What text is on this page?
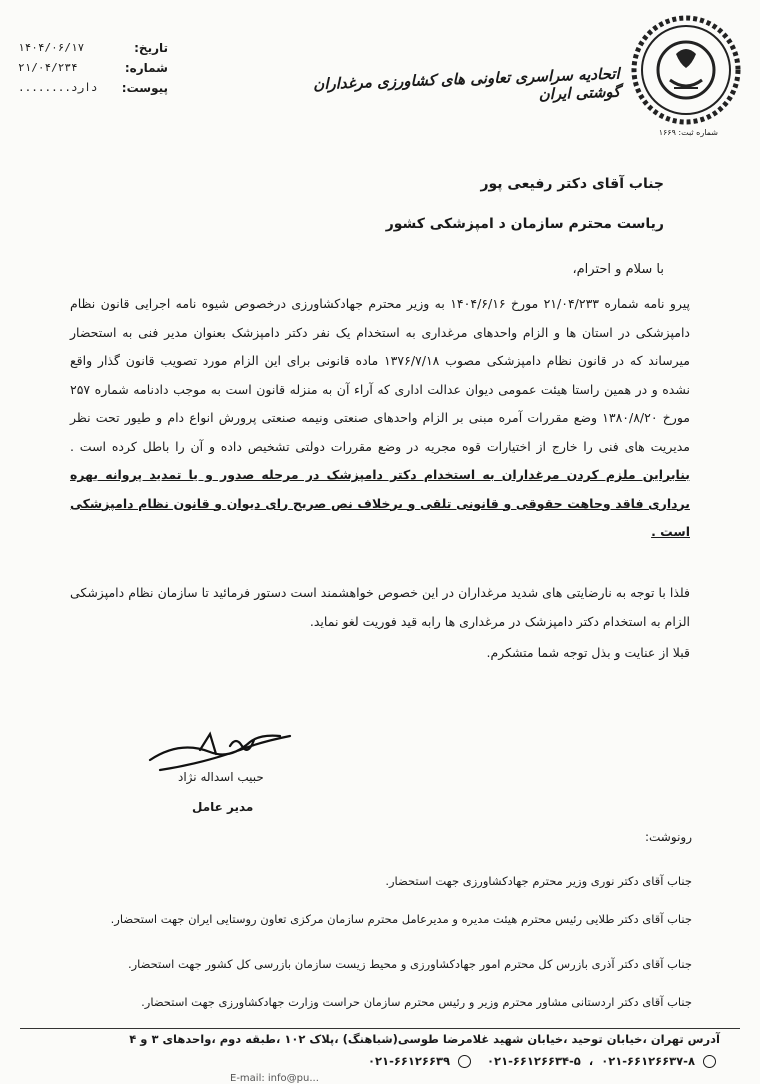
تاریخ:
۱۴۰۴/۰۶/۱۷
شماره:
۲۱/۰۴/۲۳۴
پیوست:
........دارد	اتحادیه سراسری تعاونی های کشاورزی مرغداران گوشتی ایران
شماره ثبت: ۱۶۶۹
جناب آقای دکتر رفیعی پور
ریاست محترم سازمان د امپزشکی کشور
با سلام و احترام،
پیرو نامه شماره ۲۱/۰۴/۲۳۳ مورخ ۱۴۰۴/۶/۱۶ به وزیر محترم جهادکشاورزی درخصوص شیوه نامه اجرایی قانون نظام دامپزشکی در استان ها و الزام واحدهای مرغداری به استخدام یک نفر دکتر دامپزشک بعنوان مدیر فنی به استحضار میرساند که در قانون نظام دامپزشکی مصوب ۱۳۷۶/۷/۱۸ ماده قانونی برای این الزام مورد تصویب قانون گذار واقع نشده و در همین راستا هیئت عمومی دیوان عدالت اداری که آراء آن به منزله قانون است به موجب دادنامه شماره ۲۵۷ مورخ ۱۳۸۰/۸/۲۰ وضع مقررات آمره مبنی بر الزام واحدهای صنعتی ونیمه صنعتی پرورش انواع دام و طیور تحت نظر مدیریت های فنی را خارج از اختیارات قوه مجریه در وضع مقررات دولتی تشخیص داده و آن را باطل کرده است . بنابراین ملزم کردن مرغداران به استخدام دکتر دامپزشک در مرحله صدور و یا تمدید پروانه بهره برداری فاقد وجاهت حقوقی و قانونی تلقی و برخلاف نص صریح رای دیوان و قانون نظام دامپزشکی است .
فلذا با توجه به نارضایتی های شدید مرغداران در این خصوص خواهشمند است دستور فرمائید تا سازمان نظام دامپزشکی الزام به استخدام دکتر دامپزشک در مرغداری ها رابه قید فوریت لغو نماید.
قبلا از عنایت و بذل توجه شما متشکرم.
حبیب اسداله نژاد
مدیر عامل
رونوشت:
جناب آقای دکتر نوری وزیر محترم جهادکشاورزی جهت استحضار.
جناب آقای دکتر طلایی رئیس محترم هیئت مدیره و مدیرعامل محترم سازمان مرکزی تعاون روستایی ایران جهت استحضار.
جناب آقای دکتر آذری بازرس کل محترم امور جهادکشاورزی و محیط زیست سازمان بازرسی کل کشور جهت استحضار.
جناب آقای دکتر اردستانی مشاور محترم وزیر و رئیس محترم سازمان حراست وزارت جهادکشاورزی جهت استحضار.
آدرس تهران ،خیابان توحید ،خیابان شهید غلامرضا طوسی(شباهنگ) ،پلاک ۱۰۲ ،طبقه دوم ،واحدهای ۳ و ۴
۰۲۱-۶۶۱۲۶۶۳۷-۸  ،  ۰۲۱-۶۶۱۲۶۶۳۴-۵    ۰۲۱-۶۶۱۲۶۶۳۹
E-mail: info@pu...
